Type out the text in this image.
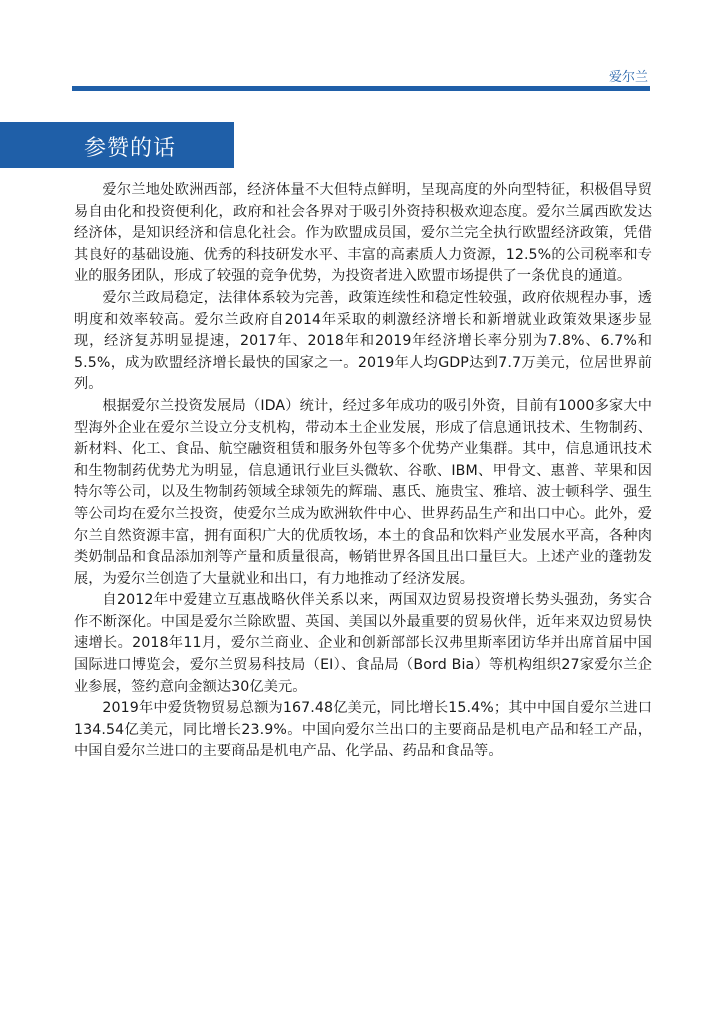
爱尔兰
参赞的话

爱尔兰地处欧洲西部，经济体量不大但特点鲜明，呈现高度的外向型特征，积极倡导贸易自由化和投资便利化，政府和社会各界对于吸引外资持积极欢迎态度。爱尔兰属西欧发达经济体，是知识经济和信息化社会。作为欧盟成员国，爱尔兰完全执行欧盟经济政策，凭借其良好的基础设施、优秀的科技研发水平、丰富的高素质人力资源，12.5%的公司税率和专业的服务团队，形成了较强的竞争优势，为投资者进入欧盟市场提供了一条优良的通道。

爱尔兰政局稳定，法律体系较为完善，政策连续性和稳定性较强，政府依规程办事，透明度和效率较高。爱尔兰政府自2014年采取的刺激经济增长和新增就业政策效果逐步显现，经济复苏明显提速，2017年、2018年和2019年经济增长率分别为7.8%、6.7%和5.5%，成为欧盟经济增长最快的国家之一。2019年人均GDP达到7.7万美元，位居世界前列。

根据爱尔兰投资发展局（IDA）统计，经过多年成功的吸引外资，目前有1000多家大中型海外企业在爱尔兰设立分支机构，带动本土企业发展，形成了信息通讯技术、生物制药、新材料、化工、食品、航空融资租赁和服务外包等多个优势产业集群。其中，信息通讯技术和生物制药优势尤为明显，信息通讯行业巨头微软、谷歌、IBM、甲骨文、惠普、苹果和因特尔等公司，以及生物制药领域全球领先的辉瑞、惠氏、施贵宝、雅培、波士顿科学、强生等公司均在爱尔兰投资，使爱尔兰成为欧洲软件中心、世界药品生产和出口中心。此外，爱尔兰自然资源丰富，拥有面积广大的优质牧场，本土的食品和饮料产业发展水平高，各种肉类奶制品和食品添加剂等产量和质量很高，畅销世界各国且出口量巨大。上述产业的蓬勃发展，为爱尔兰创造了大量就业和出口，有力地推动了经济发展。

自2012年中爱建立互惠战略伙伴关系以来，两国双边贸易投资增长势头强劲，务实合作不断深化。中国是爱尔兰除欧盟、英国、美国以外最重要的贸易伙伴，近年来双边贸易快速增长。2018年11月，爱尔兰商业、企业和创新部部长汉弗里斯率团访华并出席首届中国国际进口博览会，爱尔兰贸易科技局（EI）、食品局（Bord Bia）等机构组织27家爱尔兰企业参展，签约意向金额达30亿美元。

2019年中爱货物贸易总额为167.48亿美元，同比增长15.4%；其中中国自爱尔兰进口134.54亿美元，同比增长23.9%。中国向爱尔兰出口的主要商品是机电产品和轻工产品，中国自爱尔兰进口的主要商品是机电产品、化学品、药品和食品等。
